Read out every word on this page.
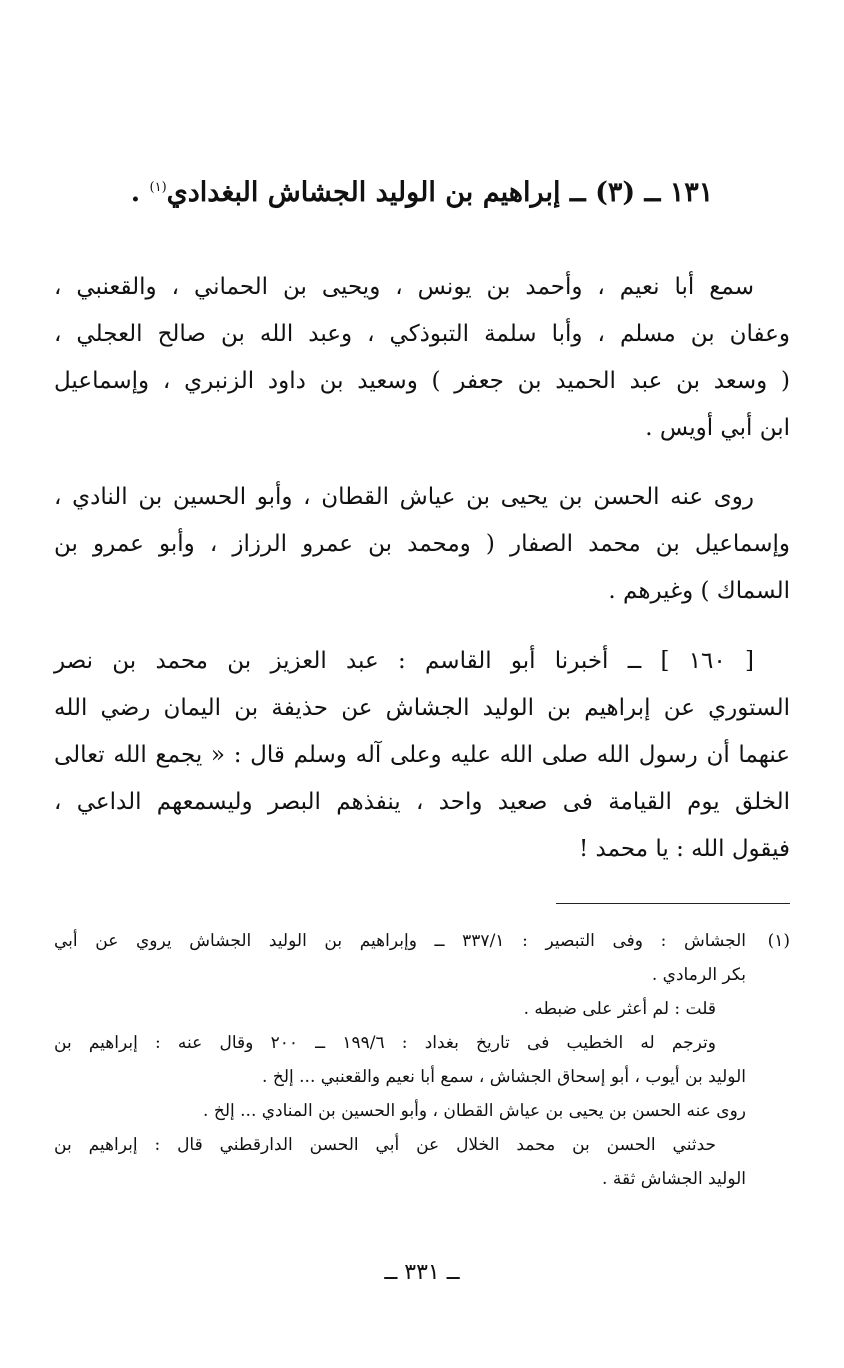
١٣١ ــ (٣) ــ إبراهيم بن الوليد الجشاش البغدادي$^{(١)}$ .
سمع أبا نعيم ، وأحمد بن يونس ، ويحيى بن الحماني ، والقعنبي ،
وعفان بن مسلم ، وأبا سلمة التبوذكي ، وعبد الله بن صالح العجلي ،
( وسعد بن عبد الحميد بن جعفر ) وسعيد بن داود الزنبري ، وإسماعيل
ابن أبي أويس .
روى عنه الحسن بن يحيى بن عياش القطان ، وأبو الحسين بن النادي ،
وإسماعيل بن محمد الصفار ( ومحمد بن عمرو الرزاز ، وأبو عمرو بن
السماك ) وغيرهم .
[ ١٦٠ ] ــ أخبرنا أبو القاسم : عبد العزيز بن محمد بن نصر
الستوري عن إبراهيم بن الوليد الجشاش عن حذيفة بن اليمان رضي الله
عنهما أن رسول الله صلى الله عليه وعلى آله وسلم قال : « يجمع الله تعالى
الخلق يوم القيامة فى صعيد واحد ، ينفذهم البصر وليسمعهم الداعي ،
فيقول الله : يا محمد !
(١)الجشاش : وفى التبصير : ٣٣٧/١ ــ وإبراهيم بن الوليد الجشاش يروي عن أبي
بكر الرمادي .
قلت : لم أعثر على ضبطه .
وترجم له الخطيب فى تاريخ بغداد : ١٩٩/٦ ــ ٢٠٠ وقال عنه : إبراهيم بن
الوليد بن أيوب ، أبو إسحاق الجشاش ، سمع أبا نعيم والقعنبي ... إلخ .
روى عنه الحسن بن يحيى بن عياش القطان ، وأبو الحسين بن المنادي ... إلخ .
حدثني الحسن بن محمد الخلال عن أبي الحسن الدارقطني قال : إبراهيم بن
الوليد الجشاش ثقة .
ــ ٣٣١ ــ
